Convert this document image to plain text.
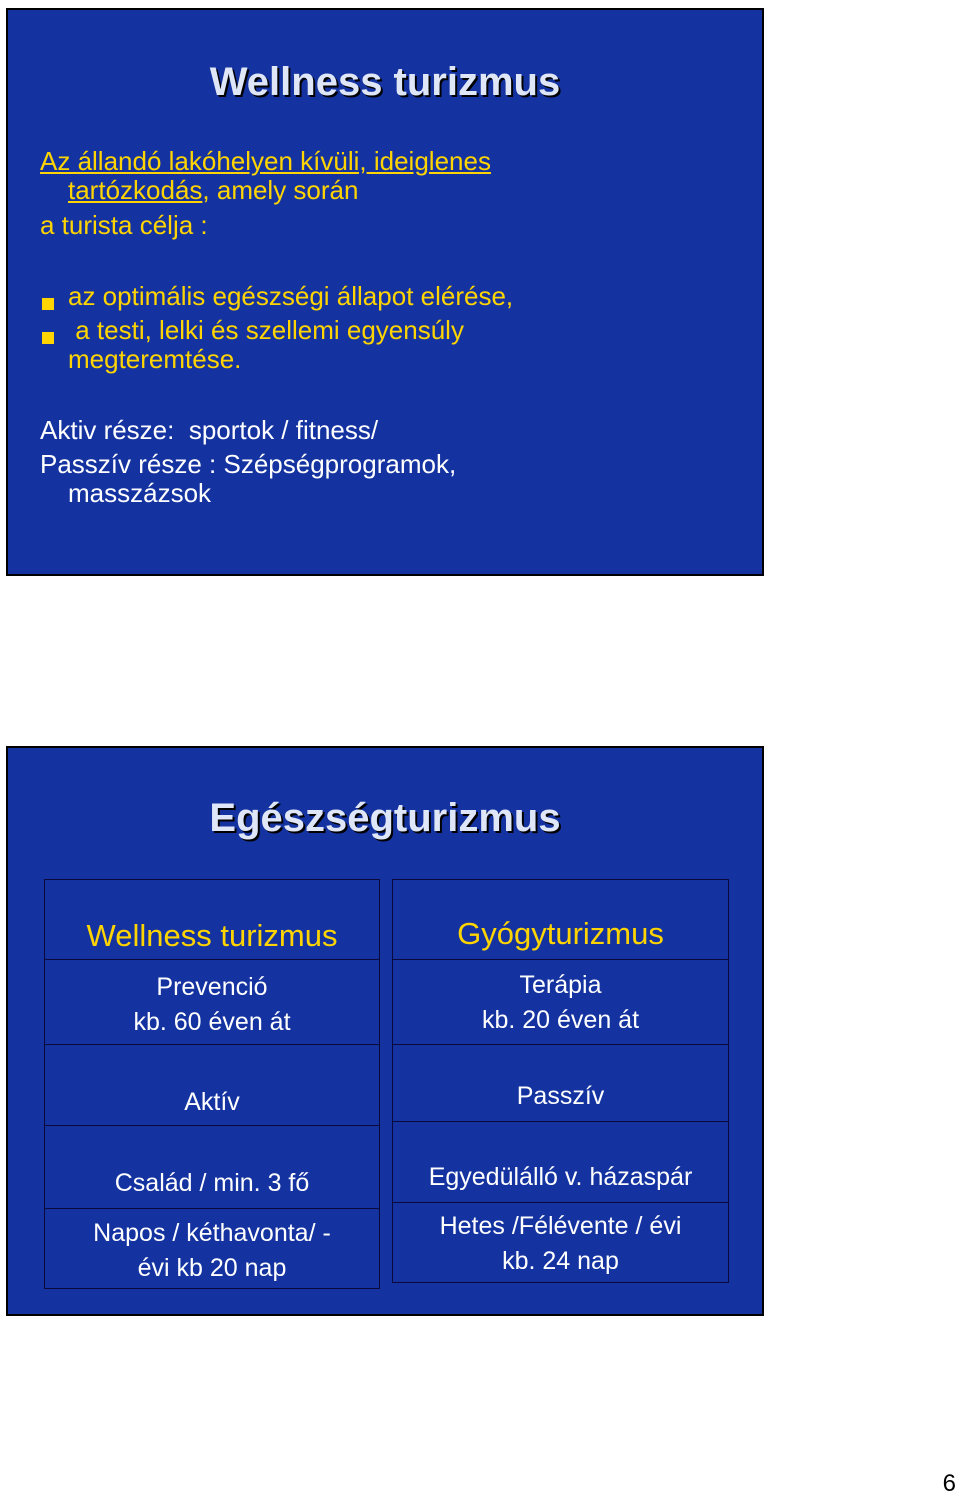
Wellness turizmus
Az állandó lakóhelyen kívüli, ideiglenes
tartózkodás, amely során
a turista célja :
az optimális egészségi állapot elérése,
a testi, lelki és szellemi egyensúly
megteremtése.
Aktiv része:  sportok / fitness/
Passzív része : Szépségprogramok,
masszázsok
Egészségturizmus
Wellness turizmus
Prevenció
kb. 60 éven át
Aktív
Család / min. 3 fő
Napos / kéthavonta/ -
évi kb 20 nap
Gyógyturizmus
Terápia
kb. 20 éven át
Passzív
Egyedülálló v. házaspár
Hetes /Félévente / évi
kb. 24 nap
6
